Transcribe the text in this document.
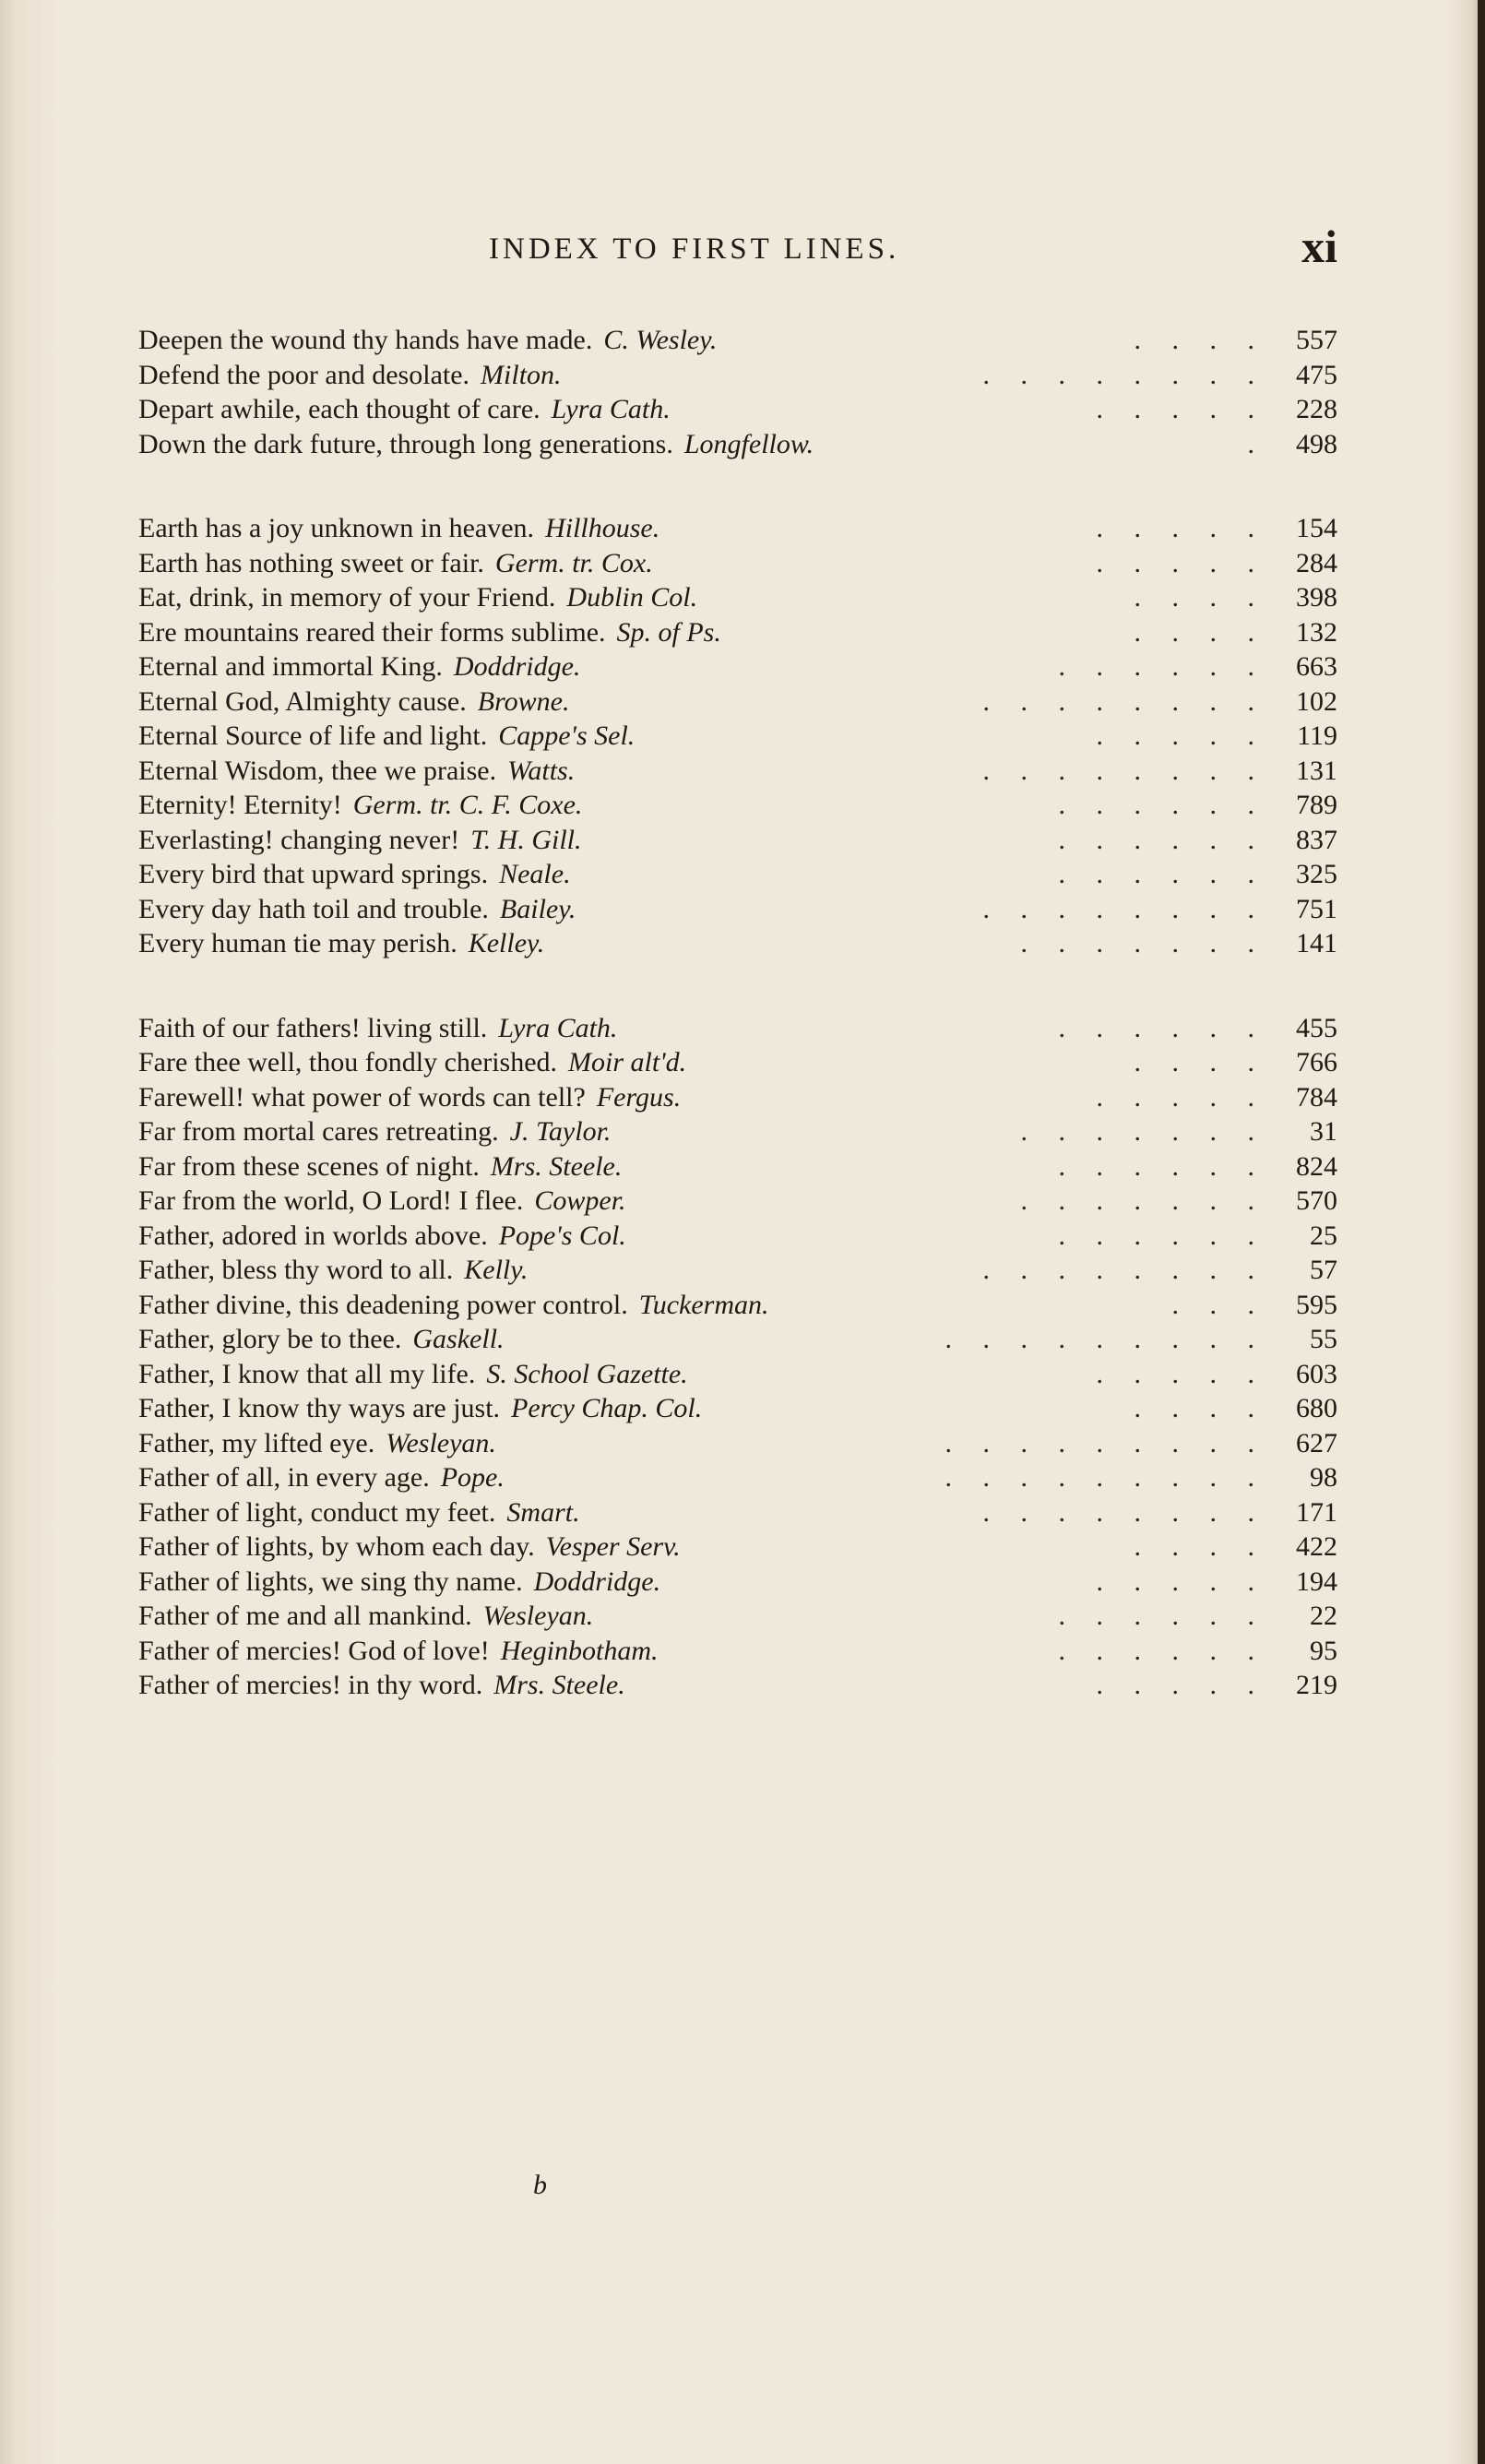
INDEX TO FIRST LINES.	xi
Deepen the wound thy hands have made. C. Wesley.	. . . .	557
Defend the poor and desolate. Milton.	. . . . . . . .	475
Depart awhile, each thought of care. Lyra Cath.	. . . . .	228
Down the dark future, through long generations. Longfellow.	.	498
Earth has a joy unknown in heaven. Hillhouse.	. . . . .	154
Earth has nothing sweet or fair. Germ. tr. Cox.	. . . . .	284
Eat, drink, in memory of your Friend. Dublin Col.	. . . .	398
Ere mountains reared their forms sublime. Sp. of Ps.	. . . .	132
Eternal and immortal King. Doddridge.	. . . . . .	663
Eternal God, Almighty cause. Browne.	. . . . . . . .	102
Eternal Source of life and light. Cappe's Sel.	. . . . .	119
Eternal Wisdom, thee we praise. Watts.	. . . . . . . .	131
Eternity! Eternity! Germ. tr. C. F. Coxe.	. . . . . .	789
Everlasting! changing never! T. H. Gill.	. . . . . .	837
Every bird that upward springs. Neale.	. . . . . .	325
Every day hath toil and trouble. Bailey.	. . . . . . . .	751
Every human tie may perish. Kelley.	. . . . . . .	141
Faith of our fathers! living still. Lyra Cath.	. . . . . .	455
Fare thee well, thou fondly cherished. Moir alt'd.	. . . .	766
Farewell! what power of words can tell? Fergus.	. . . . .	784
Far from mortal cares retreating. J. Taylor.	. . . . . . .	31
Far from these scenes of night. Mrs. Steele.	. . . . . .	824
Far from the world, O Lord! I flee. Cowper.	. . . . . . .	570
Father, adored in worlds above. Pope's Col.	. . . . . .	25
Father, bless thy word to all. Kelly.	. . . . . . . .	57
Father divine, this deadening power control. Tuckerman.	. . .	595
Father, glory be to thee. Gaskell.	. . . . . . . . .	55
Father, I know that all my life. S. School Gazette.	. . . . .	603
Father, I know thy ways are just. Percy Chap. Col.	. . . .	680
Father, my lifted eye. Wesleyan.	. . . . . . . . .	627
Father of all, in every age. Pope.	. . . . . . . . .	98
Father of light, conduct my feet. Smart.	. . . . . . . .	171
Father of lights, by whom each day. Vesper Serv.	. . . .	422
Father of lights, we sing thy name. Doddridge.	. . . . .	194
Father of me and all mankind. Wesleyan.	. . . . . .	22
Father of mercies! God of love! Heginbotham.	. . . . . .	95
Father of mercies! in thy word. Mrs. Steele.	. . . . .	219
b
